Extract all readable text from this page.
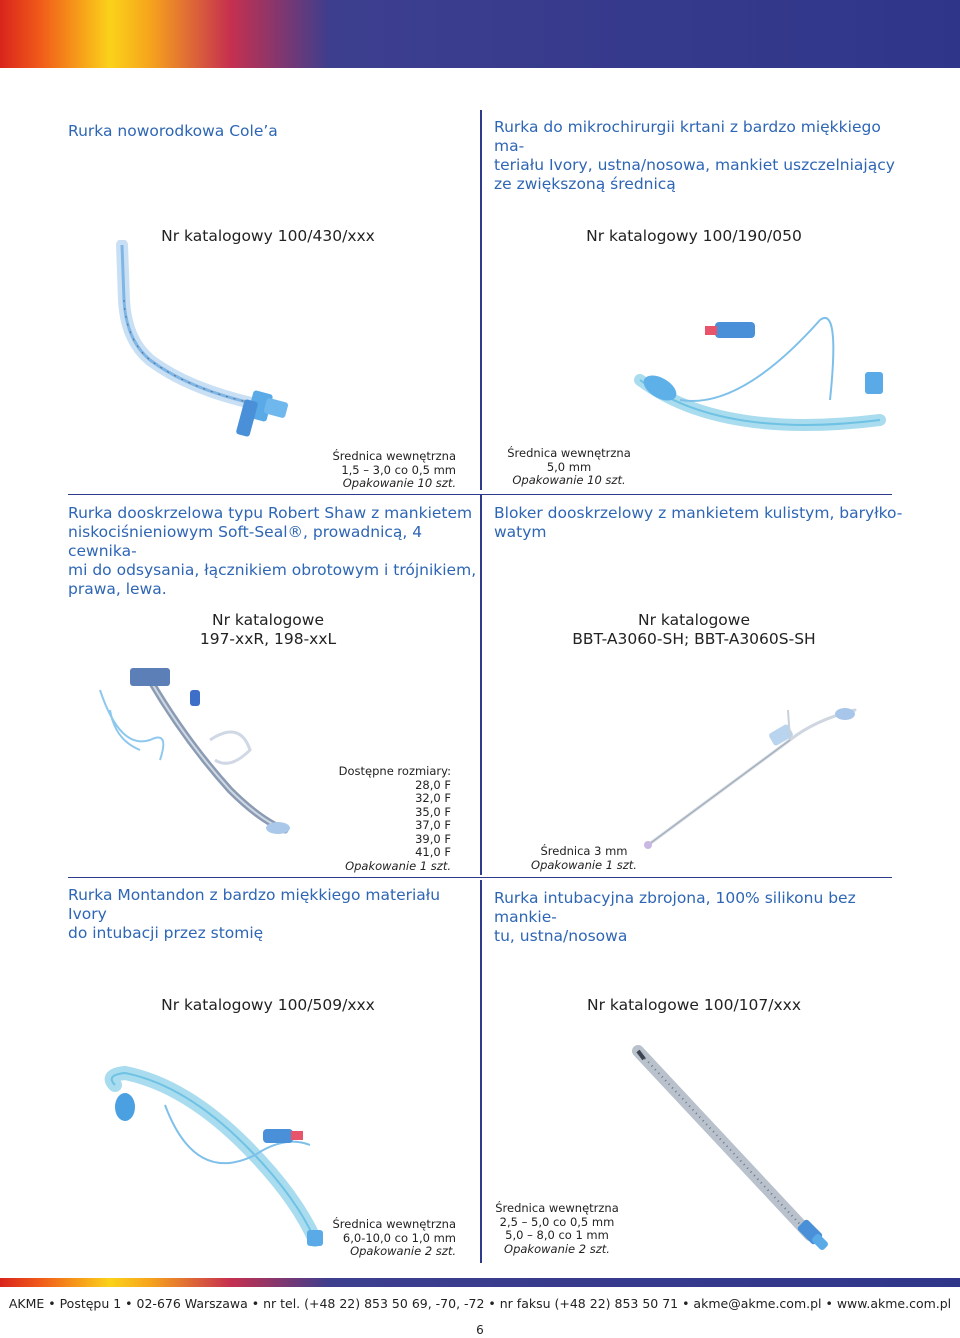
Rurka noworodkowa Cole’a
Nr katalogowy 100/430/xxx
Średnica wewnętrzna
1,5 – 3,0 co 0,5 mm
Opakowanie 10 szt.
Rurka do mikrochirurgii krtani z bardzo miękkiego ma-
teriału Ivory, ustna/nosowa, mankiet uszczelniający
ze zwiększoną średnicą
Nr katalogowy 100/190/050
Średnica wewnętrzna
5,0 mm
Opakowanie 10 szt.
Rurka dooskrzelowa typu Robert Shaw z mankietem
niskociśnieniowym Soft-Seal®, prowadnicą, 4 cewnika-
mi do odsysania, łącznikiem obrotowym i trójnikiem,
prawa, lewa.
Nr katalogowe
197-xxR, 198-xxL
Dostępne rozmiary:
28,0 F
32,0 F
35,0 F
37,0 F
39,0 F
41,0 F
Opakowanie 1 szt.
Bloker dooskrzelowy z mankietem kulistym, baryłko-
watym
Nr katalogowe
BBT-A3060-SH; BBT-A3060S-SH
Średnica 3 mm
Opakowanie 1 szt.
Rurka Montandon z bardzo miękkiego materiału Ivory
do intubacji przez stomię
Nr katalogowy 100/509/xxx
Średnica wewnętrzna
6,0-10,0 co 1,0 mm
Opakowanie 2 szt.
Rurka intubacyjna zbrojona, 100% silikonu bez mankie-
tu, ustna/nosowa
Nr katalogowe 100/107/xxx
Średnica wewnętrzna
2,5 – 5,0 co 0,5 mm
5,0 – 8,0 co 1 mm
Opakowanie 2 szt.
AKME • Postępu 1 • 02-676 Warszawa • nr tel. (+48 22) 853 50 69, -70, -72 • nr faksu (+48 22) 853 50 71 • akme@akme.com.pl • www.akme.com.pl
6
